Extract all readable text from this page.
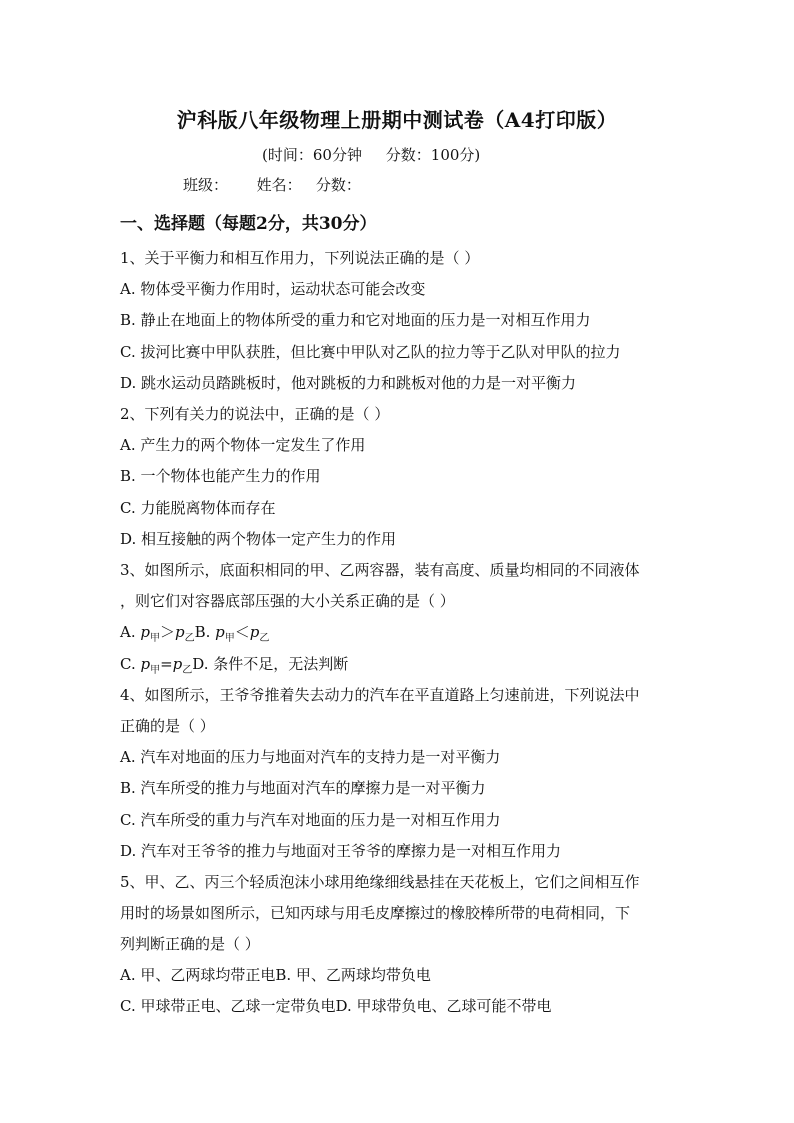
沪科版八年级物理上册期中测试卷（A4打印版）
(时间：60分钟     分数：100分)
班级：      姓名：   分数：
一、选择题（每题2分，共30分）
1、关于平衡力和相互作用力，下列说法正确的是（ ）
A. 物体受平衡力作用时，运动状态可能会改变
B. 静止在地面上的物体所受的重力和它对地面的压力是一对相互作用力
C. 拔河比赛中甲队获胜，但比赛中甲队对乙队的拉力等于乙队对甲队的拉力
D. 跳水运动员踏跳板时，他对跳板的力和跳板对他的力是一对平衡力
2、下列有关力的说法中，正确的是（ ）
A. 产生力的两个物体一定发生了作用
B. 一个物体也能产生力的作用
C. 力能脱离物体而存在
D. 相互接触的两个物体一定产生力的作用
3、如图所示，底面积相同的甲、乙两容器，装有高度、质量均相同的不同液体
，则它们对容器底部压强的大小关系正确的是（ ）
A. $p_甲>p_乙B$. $p_甲<p_乙$
C. $p_甲=p_乙D$. 条件不足，无法判断
4、如图所示，王爷爷推着失去动力的汽车在平直道路上匀速前进，下列说法中
正确的是（ ）
A. 汽车对地面的压力与地面对汽车的支持力是一对平衡力
B. 汽车所受的推力与地面对汽车的摩擦力是一对平衡力
C. 汽车所受的重力与汽车对地面的压力是一对相互作用力
D. 汽车对王爷爷的推力与地面对王爷爷的摩擦力是一对相互作用力
5、甲、乙、丙三个轻质泡沫小球用绝缘细线悬挂在天花板上，它们之间相互作
用时的场景如图所示，已知丙球与用毛皮摩擦过的橡胶棒所带的电荷相同，下
列判断正确的是（ ）
A. 甲、乙两球均带正电B. 甲、乙两球均带负电
C. 甲球带正电、乙球一定带负电D. 甲球带负电、乙球可能不带电
